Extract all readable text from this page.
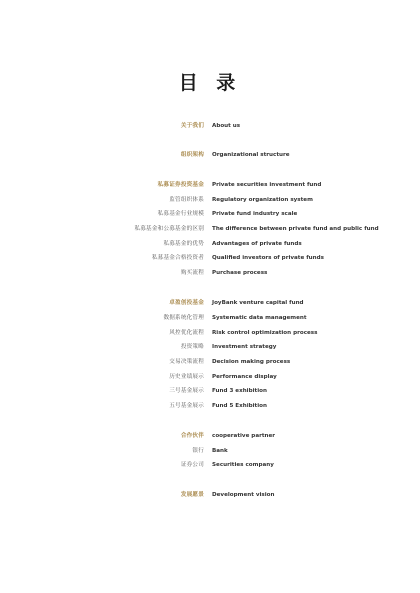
目 录
关于我们 About us
组织架构 Organizational structure
私募证券投资基金 Private securities investment fund
监管组织体系 Regulatory organization system
私募基金行业规模 Private fund industry scale
私募基金和公募基金的区别 The difference between private fund and public fund
私募基金的优势 Advantages of private funds
私募基金合格投资者 Qualified investors of private funds
购买流程 Purchase process
卓盈创投基金 JoyBank venture capital fund
数据系统化管理 Systematic data management
风控优化流程 Risk control optimization process
投资策略 Investment strategy
交易决策流程 Decision making process
历史业绩展示 Performance display
三号基金展示 Fund 3 exhibition
五号基金展示 Fund 5 Exhibition
合作伙伴 cooperative partner
银行 Bank
证券公司 Securities company
发展愿景 Development vision
